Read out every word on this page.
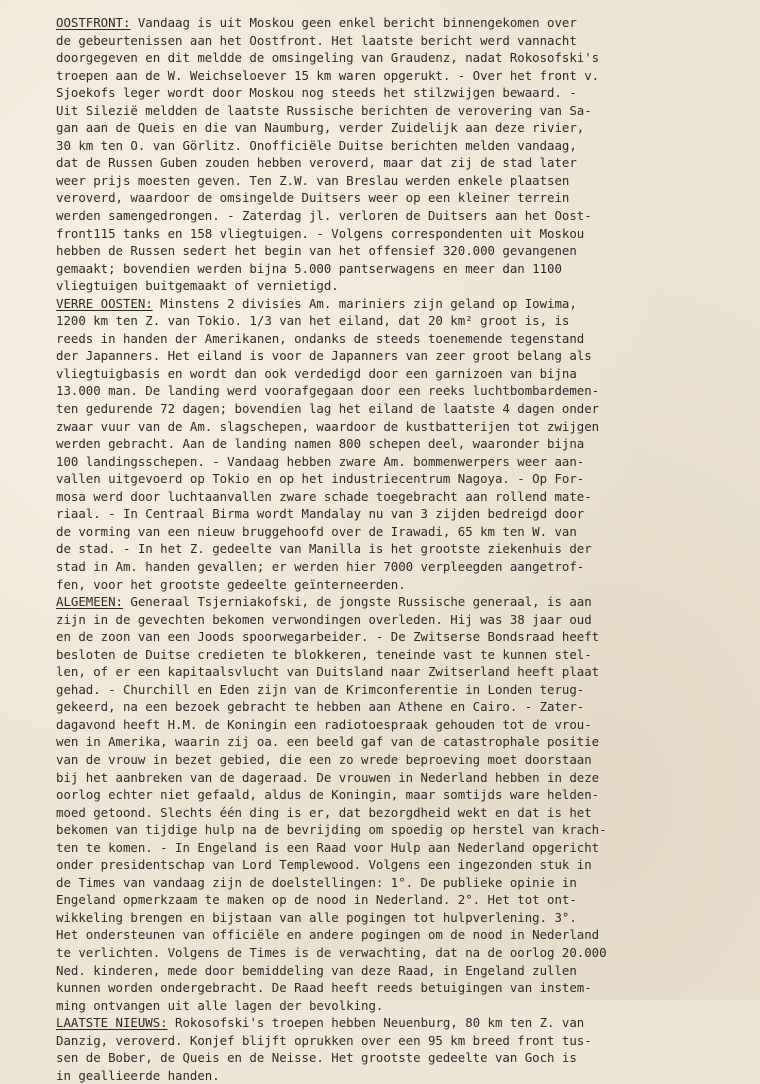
OOSTFRONT: Vandaag is uit Moskou geen enkel bericht binnengekomen over
de gebeurtenissen aan het Oostfront. Het laatste bericht werd vannacht
doorgegeven en dit meldde de omsingeling van Graudenz, nadat Rokosofski's
troepen aan de W. Weichseloever 15 km waren opgerukt. - Over het front v.
Sjoekofs leger wordt door Moskou nog steeds het stilzwijgen bewaard. -
Uit Silezië meldden de laatste Russische berichten de verovering van Sa-
gan aan de Queis en die van Naumburg, verder Zuidelijk aan deze rivier,
30 km ten O. van Görlitz. Onofficiële Duitse berichten melden vandaag,
dat de Russen Guben zouden hebben veroverd, maar dat zij de stad later
weer prijs moesten geven. Ten Z.W. van Breslau werden enkele plaatsen
veroverd, waardoor de omsingelde Duitsers weer op een kleiner terrein
werden samengedrongen. - Zaterdag jl. verloren de Duitsers aan het Oost-
front115 tanks en 158 vliegtuigen. - Volgens correspondenten uit Moskou
hebben de Russen sedert het begin van het offensief 320.000 gevangenen
gemaakt; bovendien werden bijna 5.000 pantserwagens en meer dan 1100
vliegtuigen buitgemaakt of vernietigd.
VERRE OOSTEN: Minstens 2 divisies Am. mariniers zijn geland op Iowima,
1200 km ten Z. van Tokio. 1/3 van het eiland, dat 20 km² groot is, is
reeds in handen der Amerikanen, ondanks de steeds toenemende tegenstand
der Japanners. Het eiland is voor de Japanners van zeer groot belang als
vliegtuigbasis en wordt dan ook verdedigd door een garnizoen van bijna
13.000 man. De landing werd voorafgegaan door een reeks luchtbombardemen-
ten gedurende 72 dagen; bovendien lag het eiland de laatste 4 dagen onder
zwaar vuur van de Am. slagschepen, waardoor de kustbatterijen tot zwijgen
werden gebracht. Aan de landing namen 800 schepen deel, waaronder bijna
100 landingsschepen. - Vandaag hebben zware Am. bommenwerpers weer aan-
vallen uitgevoerd op Tokio en op het industriecentrum Nagoya. - Op For-
mosa werd door luchtaanvallen zware schade toegebracht aan rollend mate-
riaal. - In Centraal Birma wordt Mandalay nu van 3 zijden bedreigd door
de vorming van een nieuw bruggehoofd over de Irawadi, 65 km ten W. van
de stad. - In het Z. gedeelte van Manilla is het grootste ziekenhuis der
stad in Am. handen gevallen; er werden hier 7000 verpleegden aangetrof-
fen, voor het grootste gedeelte geïnterneerden.
ALGEMEEN: Generaal Tsjerniakofski, de jongste Russische generaal, is aan
zijn in de gevechten bekomen verwondingen overleden. Hij was 38 jaar oud
en de zoon van een Joods spoorwegarbeider. - De Zwitserse Bondsraad heeft
besloten de Duitse credieten te blokkeren, teneinde vast te kunnen stel-
len, of er een kapitaalsvlucht van Duitsland naar Zwitserland heeft plaat
gehad. - Churchill en Eden zijn van de Krimconferentie in Londen terug-
gekeerd, na een bezoek gebracht te hebben aan Athene en Cairo. - Zater-
dagavond heeft H.M. de Koningin een radiotoespraak gehouden tot de vrou-
wen in Amerika, waarin zij oa. een beeld gaf van de catastrophale positie
van de vrouw in bezet gebied, die een zo wrede beproeving moet doorstaan
bij het aanbreken van de dageraad. De vrouwen in Nederland hebben in deze
oorlog echter niet gefaald, aldus de Koningin, maar somtijds ware helden-
moed getoond. Slechts één ding is er, dat bezorgdheid wekt en dat is het
bekomen van tijdige hulp na de bevrijding om spoedig op herstel van krach-
ten te komen. - In Engeland is een Raad voor Hulp aan Nederland opgericht
onder presidentschap van Lord Templewood. Volgens een ingezonden stuk in
de Times van vandaag zijn de doelstellingen: 1°. De publieke opinie in
Engeland opmerkzaam te maken op de nood in Nederland. 2°. Het tot ont-
wikkeling brengen en bijstaan van alle pogingen tot hulpverlening. 3°.
Het ondersteunen van officiële en andere pogingen om de nood in Nederland
te verlichten. Volgens de Times is de verwachting, dat na de oorlog 20.000
Ned. kinderen, mede door bemiddeling van deze Raad, in Engeland zullen
kunnen worden ondergebracht. De Raad heeft reeds betuigingen van instem-
ming ontvangen uit alle lagen der bevolking.
LAATSTE NIEUWS: Rokosofski's troepen hebben Neuenburg, 80 km ten Z. van
Danzig, veroverd. Konjef blijft oprukken over een 95 km breed front tus-
sen de Bober, de Queis en de Neisse. Het grootste gedeelte van Goch is
in geallieerde handen.
